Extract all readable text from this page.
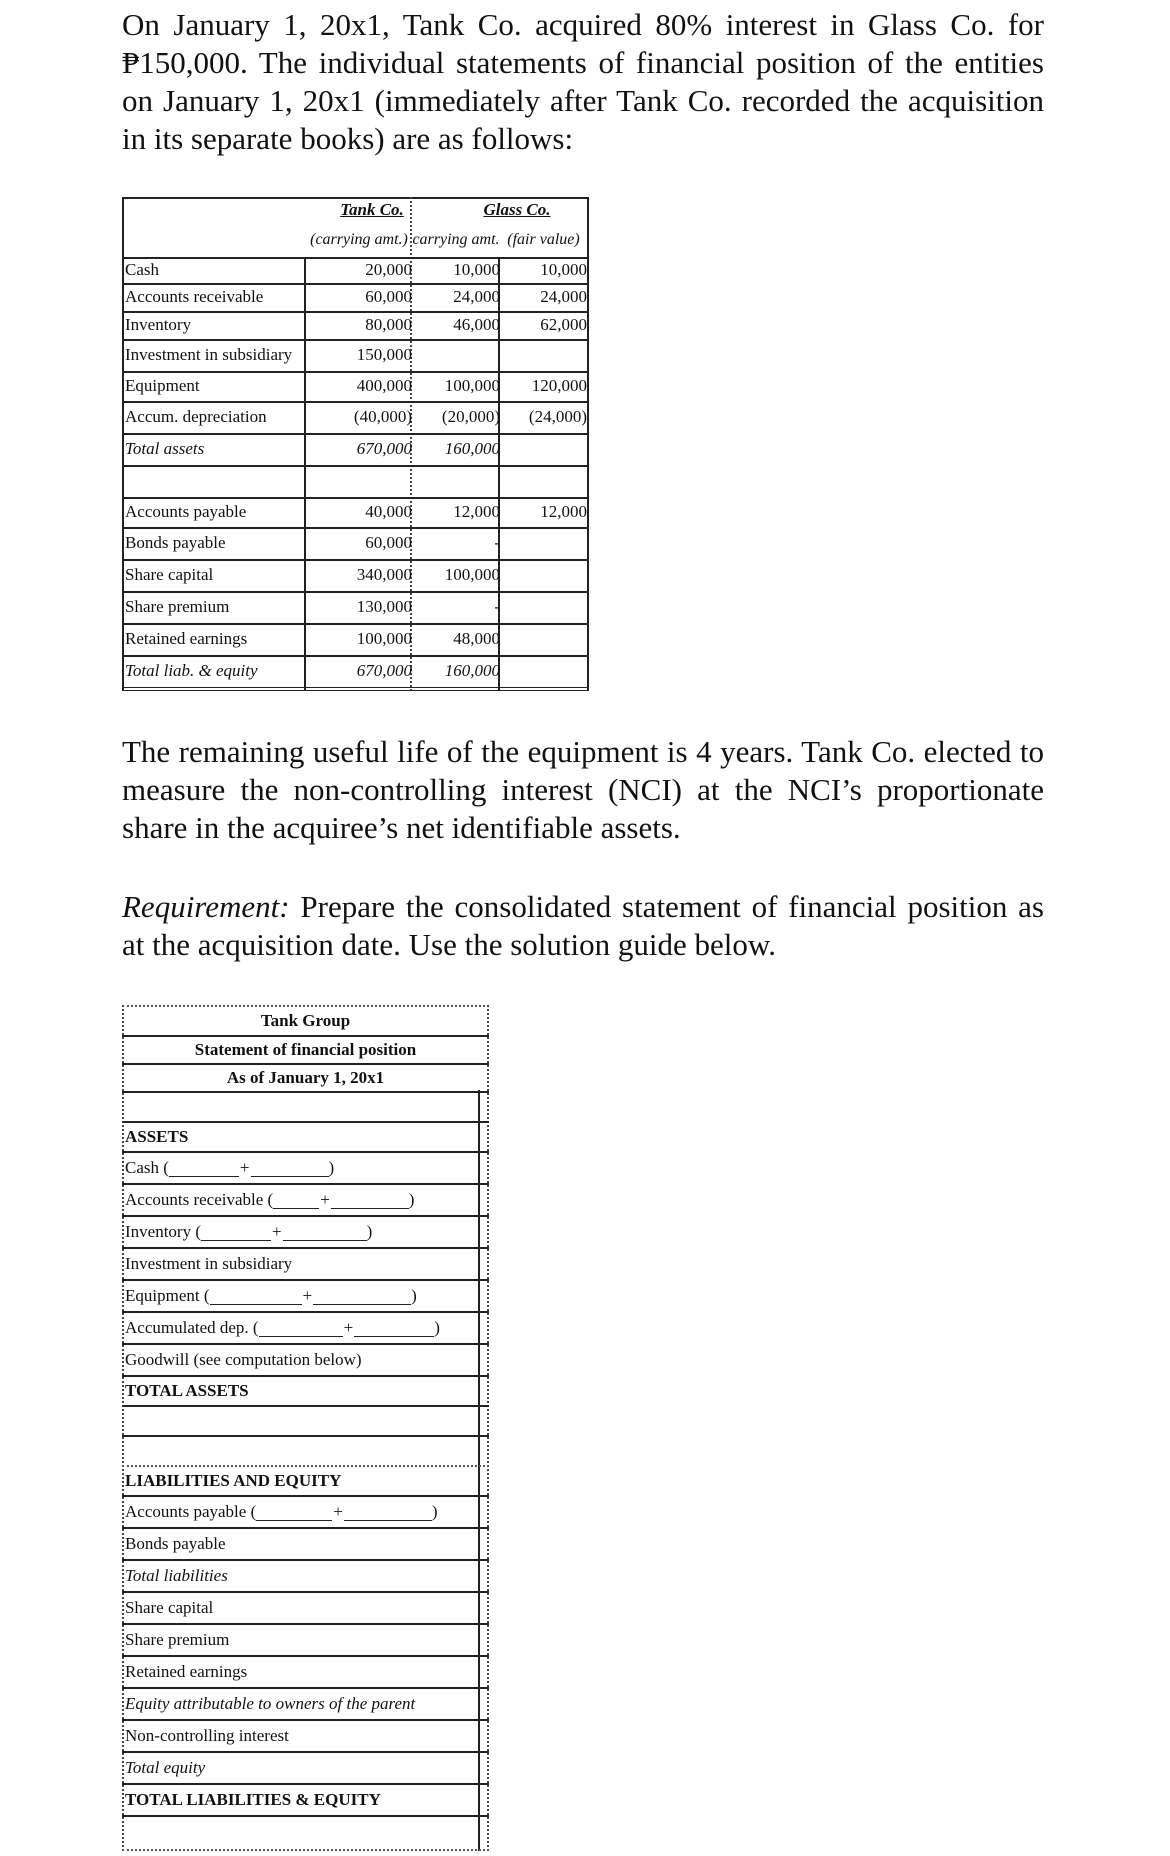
On January 1, 20x1, Tank Co. acquired 80% interest in Glass Co. for ₱150,000. The individual statements of financial position of the entities on January 1, 20x1 (immediately after Tank Co. recorded the acquisition in its separate books) are as follows:

Tank Co.	Glass Co.
(carrying amt.) carrying amt. (fair value)
Cash	20,000	10,000	10,000
Accounts receivable	60,000	24,000	24,000
Inventory	80,000	46,000	62,000
Investment in subsidiary	150,000
Equipment	400,000	100,000	120,000
Accum. depreciation	(40,000)	(20,000)	(24,000)
Total assets	670,000	160,000
Accounts payable	40,000	12,000	12,000
Bonds payable	60,000	-
Share capital	340,000	100,000
Share premium	130,000	-
Retained earnings	100,000	48,000
Total liab. & equity	670,000	160,000

The remaining useful life of the equipment is 4 years. Tank Co. elected to measure the non-controlling interest (NCI) at the NCI’s proportionate share in the acquiree’s net identifiable assets.

Requirement: Prepare the consolidated statement of financial position as at the acquisition date. Use the solution guide below.

Tank Group
Statement of financial position
As of January 1, 20x1
ASSETS
Cash (	+	)
Accounts receivable (	+	)
Inventory (	+	)
Investment in subsidiary
Equipment (	+	)
Accumulated dep. (	+	)
Goodwill (see computation below)
TOTAL ASSETS
LIABILITIES AND EQUITY
Accounts payable (	+	)
Bonds payable
Total liabilities
Share capital
Share premium
Retained earnings
Equity attributable to owners of the parent
Non-controlling interest
Total equity
TOTAL LIABILITIES & EQUITY
